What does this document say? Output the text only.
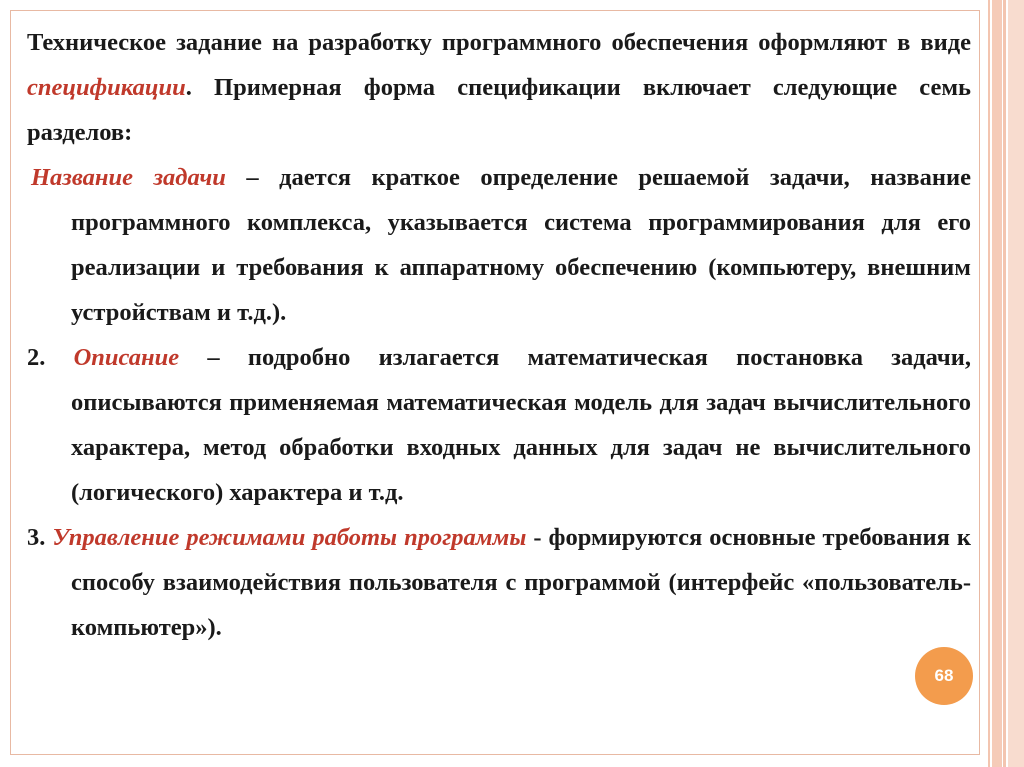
Техническое задание на разработку программного обеспечения оформляют в виде спецификации. Примерная форма спецификации включает следующие семь разделов:

Название задачи – дается краткое определение решаемой задачи, название программного комплекса, указывается система программирования для его реализации и требования к аппаратному обеспечению (компьютеру, внешним устройствам и т.д.).

2. Описание – подробно излагается математическая постановка задачи, описываются применяемая математическая модель для задач вычислительного характера, метод обработки входных данных для задач не вычислительного (логического) характера и т.д.

3. Управление режимами работы программы - формируются основные требования к способу взаимодействия пользователя с программой (интерфейс «пользователь-компьютер»).

68
